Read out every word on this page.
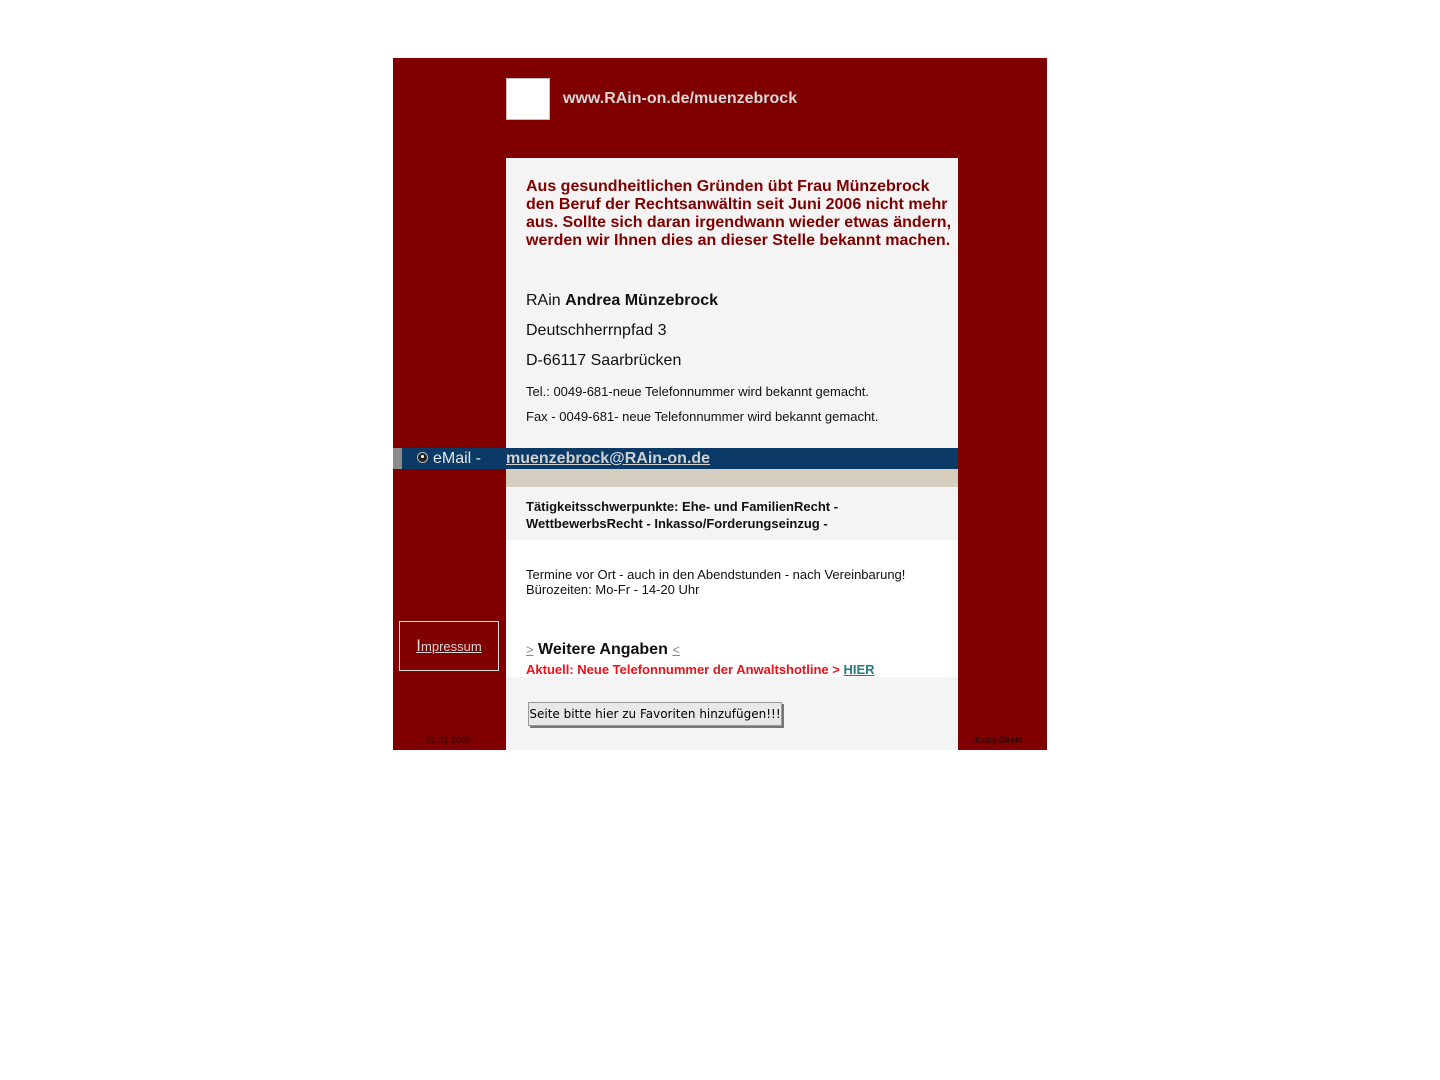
www.RAin-on.de/muenzebrock
Aus gesundheitlichen Gründen übt Frau Münzebrock den Beruf der Rechtsanwältin seit Juni 2006 nicht mehr aus. Sollte sich daran irgendwann wieder etwas ändern, werden wir Ihnen dies an dieser Stelle bekannt machen.
RAin Andrea Münzebrock
Deutschherrnpfad 3
D-66117 Saarbrücken
Tel.: 0049-681-neue Telefonnummer wird bekannt gemacht.
Fax - 0049-681- neue Telefonnummer wird bekannt gemacht.
eMail - muenzebrock@RAin-on.de
Tätigkeitsschwerpunkte: Ehe- und FamilienRecht - WettbewerbsRecht - Inkasso/Forderungseinzug -
Termine vor Ort - auch in den Abendstunden - nach Vereinbarung!
Bürozeiten: Mo-Fr - 14-20 Uhr
> Weitere Angaben <
Aktuell: Neue Telefonnummer der Anwaltshotline > HIER
Seite bitte hier zu Favoriten hinzufügen!!!
Impressum
01.01.2006	Justiz-Direkt
